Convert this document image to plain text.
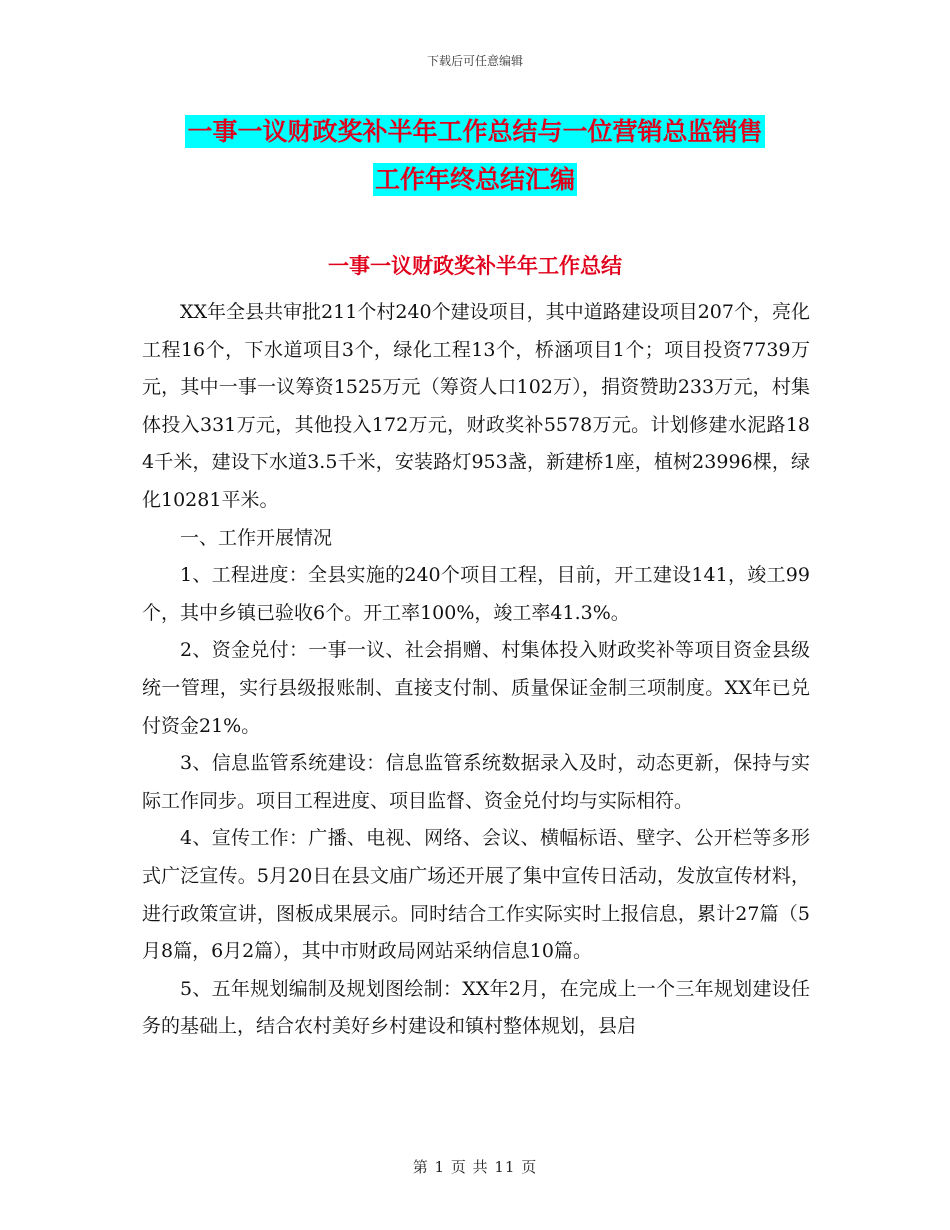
下载后可任意编辑
一事一议财政奖补半年工作总结与一位营销总监销售
工作年终总结汇编
一事一议财政奖补半年工作总结

XX年全县共审批211个村240个建设项目，其中道路建设项目207个，亮化工程16个，下水道项目3个，绿化工程13个，桥涵项目1个；项目投资7739万元，其中一事一议筹资1525万元（筹资人口102万），捐资赞助233万元，村集体投入331万元，其他投入172万元，财政奖补5578万元。计划修建水泥路184千米，建设下水道3.5千米，安装路灯953盏，新建桥1座，植树23996棵，绿化10281平米。

一、工作开展情况

1、工程进度：全县实施的240个项目工程，目前，开工建设141，竣工99个，其中乡镇已验收6个。开工率100%，竣工率41.3%。

2、资金兑付：一事一议、社会捐赠、村集体投入财政奖补等项目资金县级统一管理，实行县级报账制、直接支付制、质量保证金制三项制度。XX年已兑付资金21%。

3、信息监管系统建设：信息监管系统数据录入及时，动态更新，保持与实际工作同步。项目工程进度、项目监督、资金兑付均与实际相符。

4、宣传工作：广播、电视、网络、会议、横幅标语、壁字、公开栏等多形式广泛宣传。5月20日在县文庙广场还开展了集中宣传日活动，发放宣传材料，进行政策宣讲，图板成果展示。同时结合工作实际实时上报信息，累计27篇（5月8篇，6月2篇），其中市财政局网站采纳信息10篇。

5、五年规划编制及规划图绘制：XX年2月，在完成上一个三年规划建设任务的基础上，结合农村美好乡村建设和镇村整体规划，县启

第 1 页 共 11 页
